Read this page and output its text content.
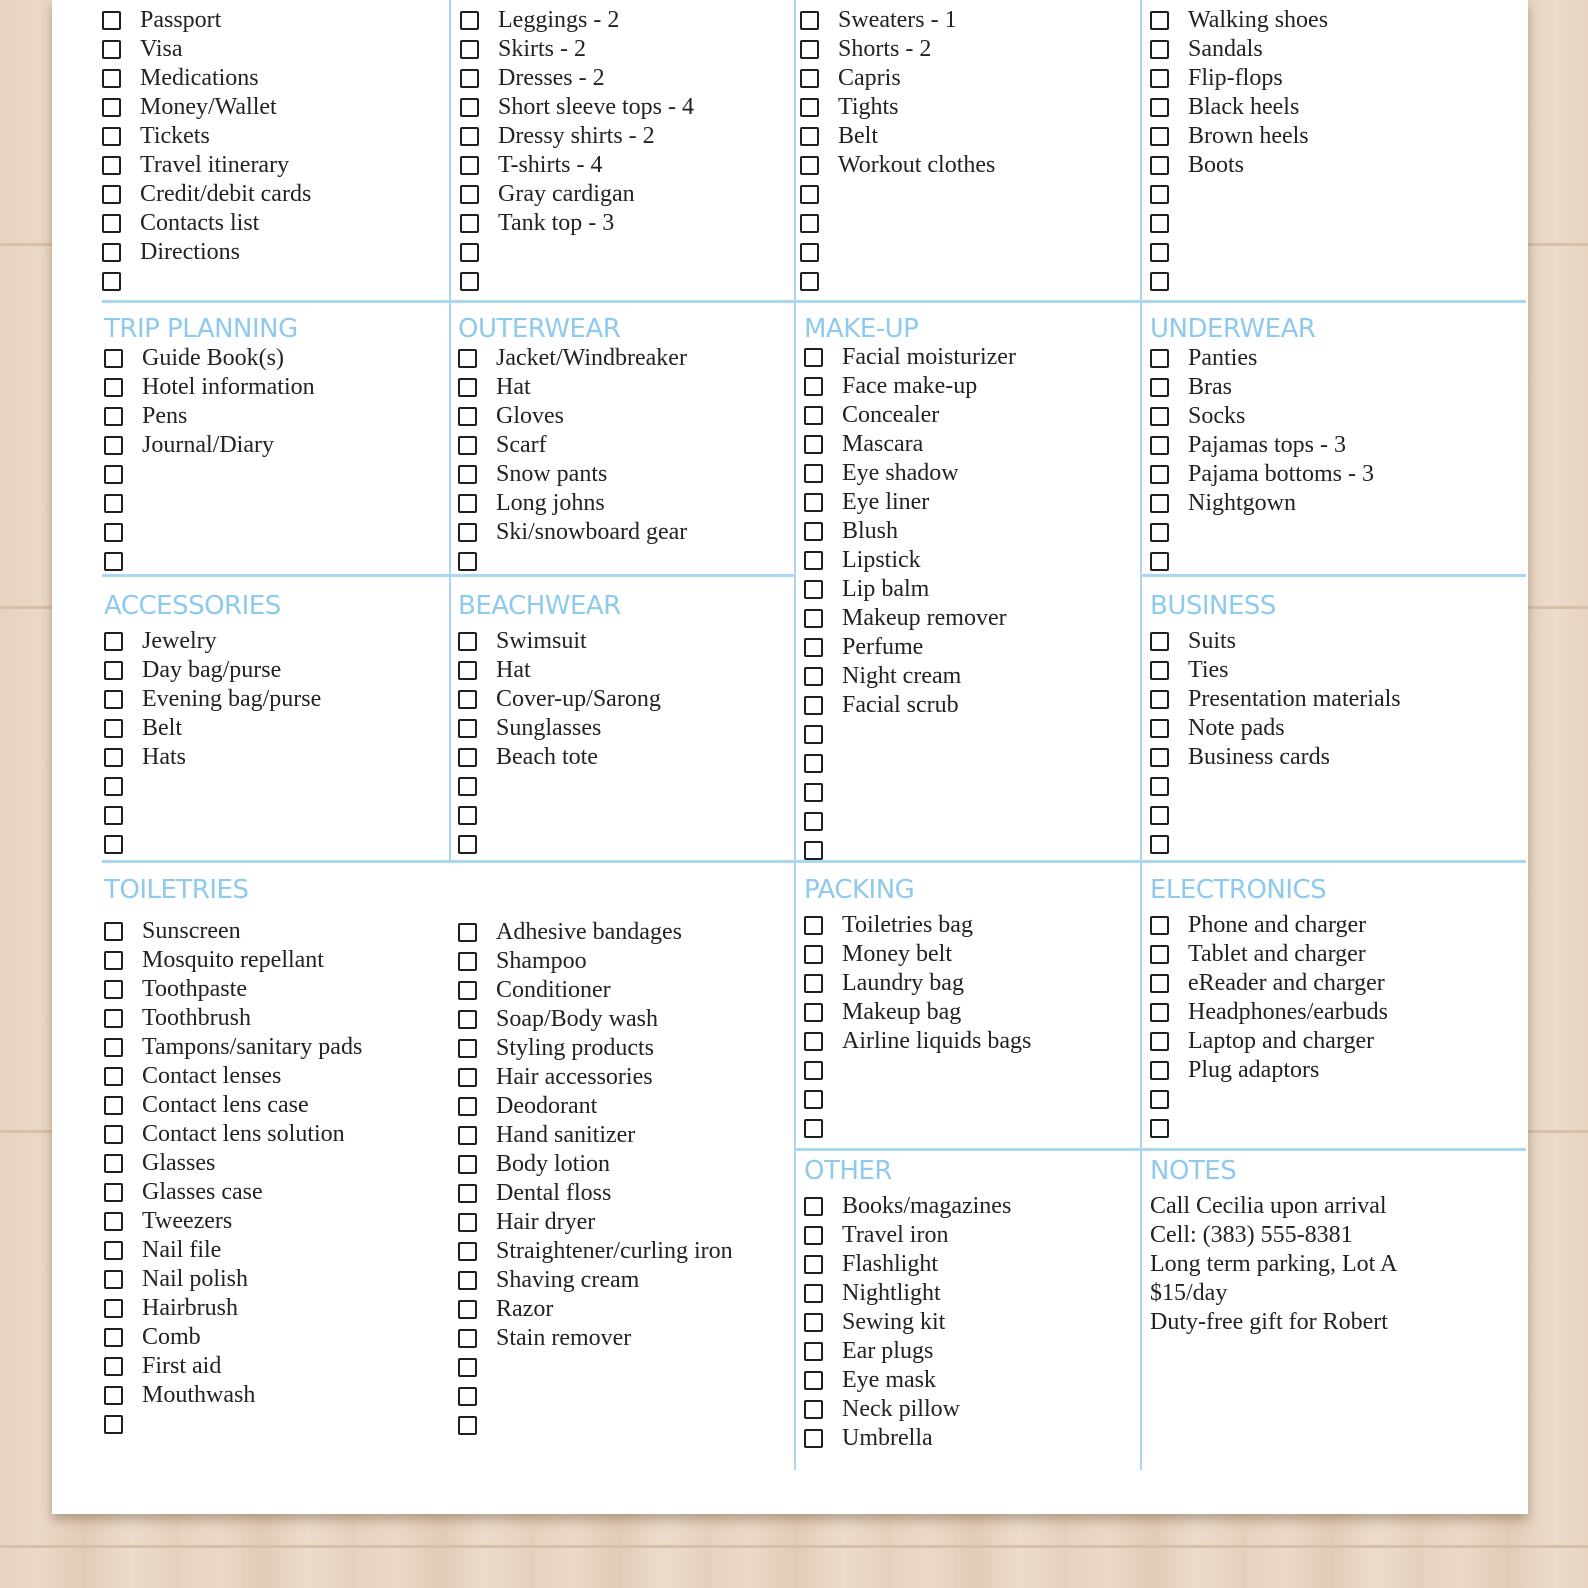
Passport
Visa
Medications
Money/Wallet
Tickets
Travel itinerary
Credit/debit cards
Contacts list
Directions
Leggings - 2
Skirts - 2
Dresses - 2
Short sleeve tops - 4
Dressy shirts - 2
T-shirts - 4
Gray cardigan
Tank top - 3
Sweaters - 1
Shorts - 2
Capris
Tights
Belt
Workout clothes
Walking shoes
Sandals
Flip-flops
Black heels
Brown heels
Boots
TRIP PLANNING
Guide Book(s)
Hotel information
Pens
Journal/Diary
OUTERWEAR
Jacket/Windbreaker
Hat
Gloves
Scarf
Snow pants
Long johns
Ski/snowboard gear
MAKE-UP
Facial moisturizer
Face make-up
Concealer
Mascara
Eye shadow
Eye liner
Blush
Lipstick
Lip balm
Makeup remover
Perfume
Night cream
Facial scrub
UNDERWEAR
Panties
Bras
Socks
Pajamas tops - 3
Pajama bottoms - 3
Nightgown
ACCESSORIES
Jewelry
Day bag/purse
Evening bag/purse
Belt
Hats
BEACHWEAR
Swimsuit
Hat
Cover-up/Sarong
Sunglasses
Beach tote
BUSINESS
Suits
Ties
Presentation materials
Note pads
Business cards
TOILETRIES
Sunscreen
Mosquito repellant
Toothpaste
Toothbrush
Tampons/sanitary pads
Contact lenses
Contact lens case
Contact lens solution
Glasses
Glasses case
Tweezers
Nail file
Nail polish
Hairbrush
Comb
First aid
Mouthwash
Adhesive bandages
Shampoo
Conditioner
Soap/Body wash
Styling products
Hair accessories
Deodorant
Hand sanitizer
Body lotion
Dental floss
Hair dryer
Straightener/curling iron
Shaving cream
Razor
Stain remover
PACKING
Toiletries bag
Money belt
Laundry bag
Makeup bag
Airline liquids bags
ELECTRONICS
Phone and charger
Tablet and charger
eReader and charger
Headphones/earbuds
Laptop and charger
Plug adaptors
OTHER
Books/magazines
Travel iron
Flashlight
Nightlight
Sewing kit
Ear plugs
Eye mask
Neck pillow
Umbrella
NOTES
Call Cecilia upon arrival
Cell: (383) 555-8381
Long term parking, Lot A
$15/day
Duty-free gift for Robert
